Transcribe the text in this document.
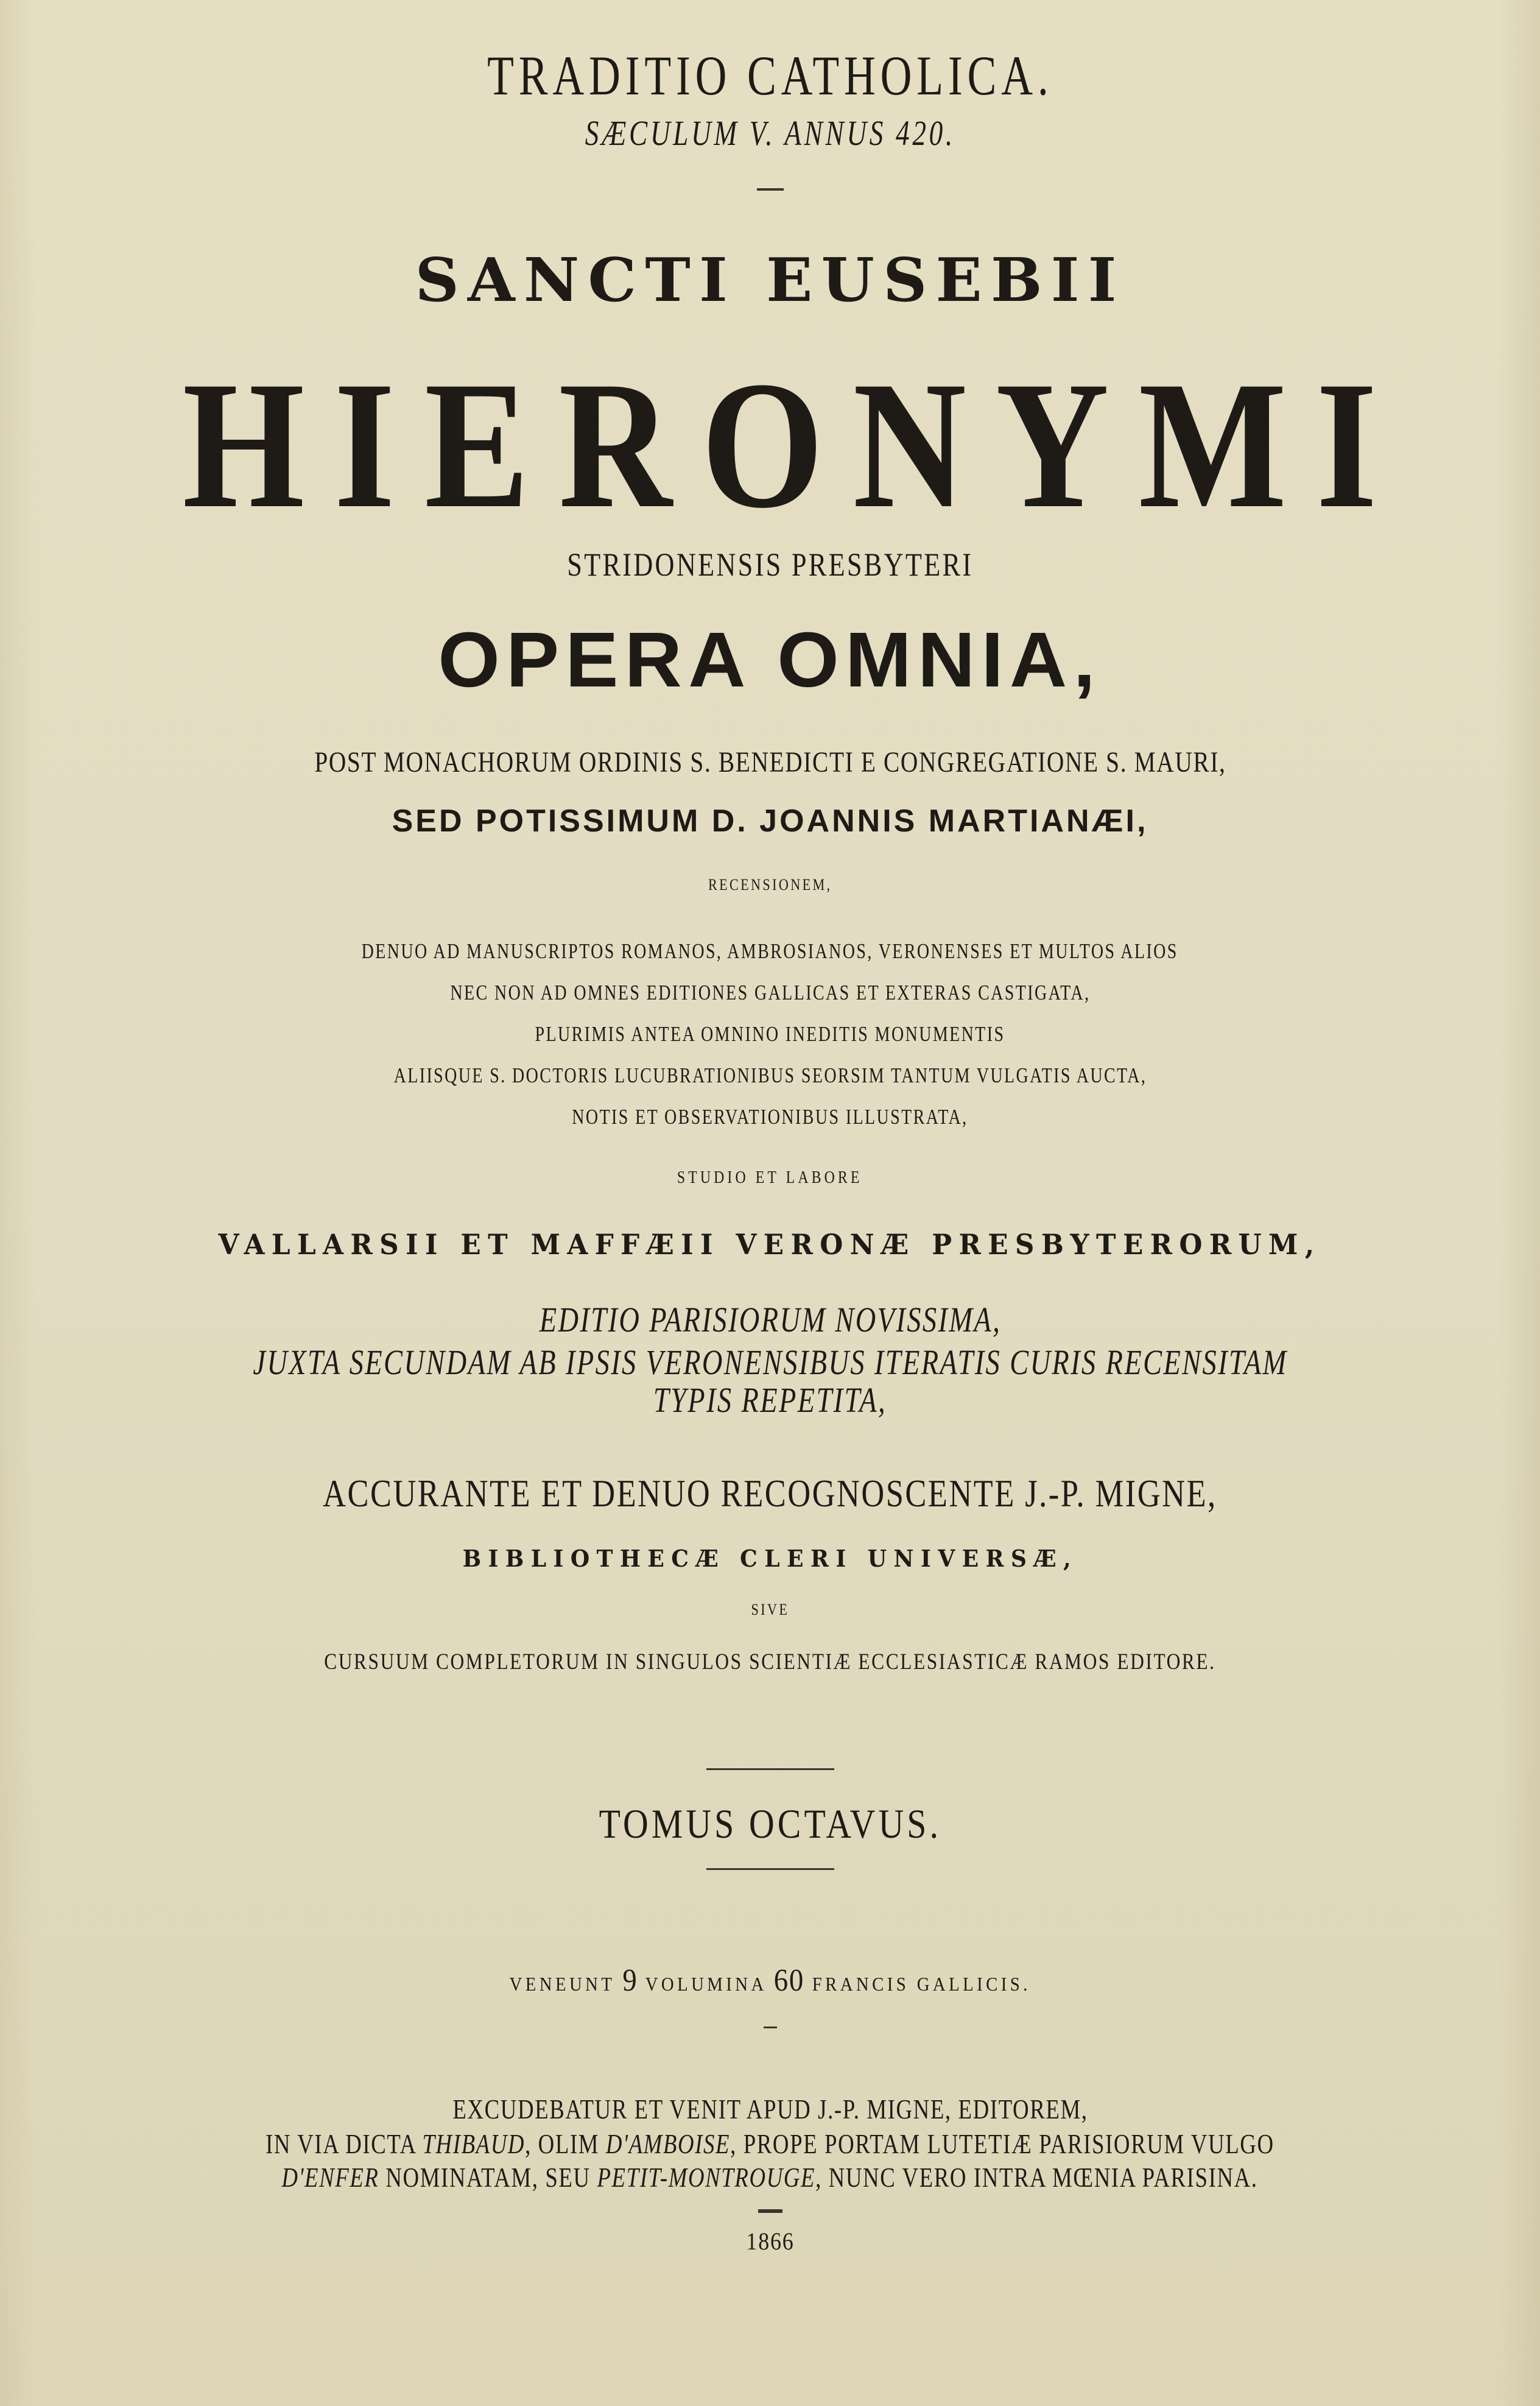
TRADITIO CATHOLICA.
SÆCULUM V. ANNUS 420.
SANCTI EUSEBII
HIERONYMI
STRIDONENSIS PRESBYTERI
OPERA OMNIA,
POST MONACHORUM ORDINIS S. BENEDICTI E CONGREGATIONE S. MAURI,
SED POTISSIMUM D. JOANNIS MARTIANÆI,
RECENSIONEM,
DENUO AD MANUSCRIPTOS ROMANOS, AMBROSIANOS, VERONENSES ET MULTOS ALIOS
NEC NON AD OMNES EDITIONES GALLICAS ET EXTERAS CASTIGATA,
PLURIMIS ANTEA OMNINO INEDITIS MONUMENTIS
ALIISQUE S. DOCTORIS LUCUBRATIONIBUS SEORSIM TANTUM VULGATIS AUCTA,
NOTIS ET OBSERVATIONIBUS ILLUSTRATA,
STUDIO ET LABORE
VALLARSII ET MAFFÆII VERONÆ PRESBYTERORUM,
EDITIO PARISIORUM NOVISSIMA,
JUXTA SECUNDAM AB IPSIS VERONENSIBUS ITERATIS CURIS RECENSITAM
TYPIS REPETITA,
ACCURANTE ET DENUO RECOGNOSCENTE J.-P. MIGNE,
BIBLIOTHECÆ CLERI UNIVERSÆ,
SIVE
CURSUUM COMPLETORUM IN SINGULOS SCIENTIÆ ECCLESIASTICÆ RAMOS EDITORE.
TOMUS OCTAVUS.
VENEUNT 9 VOLUMINA 60 FRANCIS GALLICIS.
EXCUDEBATUR ET VENIT APUD J.-P. MIGNE, EDITOREM,
IN VIA DICTA THIBAUD, OLIM D'AMBOISE, PROPE PORTAM LUTETIÆ PARISIORUM VULGO
D'ENFER NOMINATAM, SEU PETIT-MONTROUGE, NUNC VERO INTRA MŒNIA PARISINA.
1866
